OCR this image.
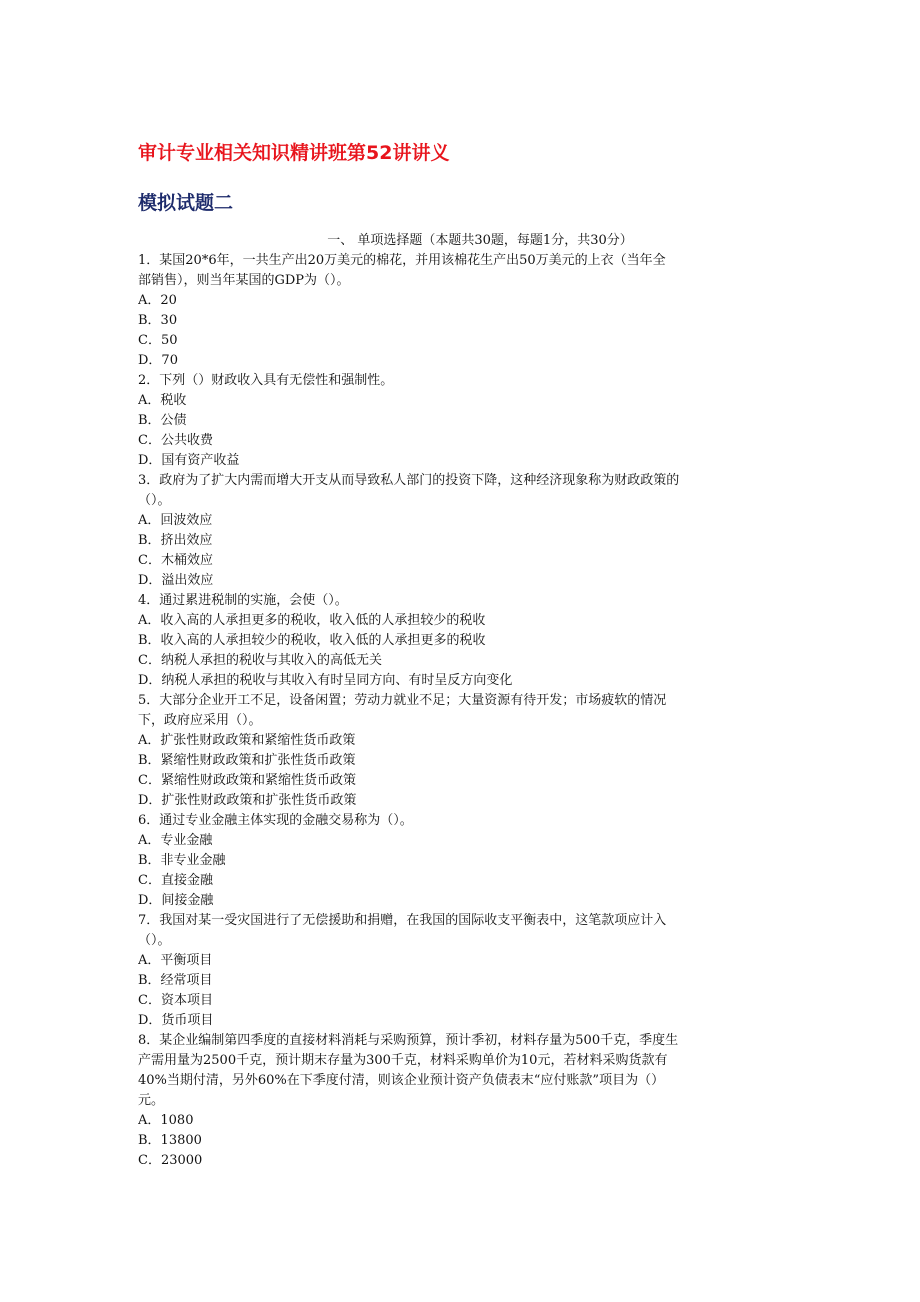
审计专业相关知识精讲班第52讲讲义
模拟试题二
一、 单项选择题（本题共30题，每题1分，共30分）
1．某国20*6年，一共生产出20万美元的棉花，并用该棉花生产出50万美元的上衣（当年全
部销售），则当年某国的GDP为（）。
A．20
B．30
C．50
D．70
2．下列（）财政收入具有无偿性和强制性。
A．税收
B．公债
C．公共收费
D．国有资产收益
3．政府为了扩大内需而增大开支从而导致私人部门的投资下降，这种经济现象称为财政政策的
（）。
A．回波效应
B．挤出效应
C．木桶效应
D．溢出效应
4．通过累进税制的实施，会使（）。
A．收入高的人承担更多的税收，收入低的人承担较少的税收
B．收入高的人承担较少的税收，收入低的人承担更多的税收
C．纳税人承担的税收与其收入的高低无关
D．纳税人承担的税收与其收入有时呈同方向、有时呈反方向变化
5．大部分企业开工不足，设备闲置；劳动力就业不足；大量资源有待开发；市场疲软的情况
下，政府应采用（）。
A．扩张性财政政策和紧缩性货币政策
B．紧缩性财政政策和扩张性货币政策
C．紧缩性财政政策和紧缩性货币政策
D．扩张性财政政策和扩张性货币政策
6．通过专业金融主体实现的金融交易称为（）。
A．专业金融
B．非专业金融
C．直接金融
D．间接金融
7．我国对某一受灾国进行了无偿援助和捐赠，在我国的国际收支平衡表中，这笔款项应计入
（）。
A．平衡项目
B．经常项目
C．资本项目
D．货币项目
8．某企业编制第四季度的直接材料消耗与采购预算，预计季初，材料存量为500千克，季度生
产需用量为2500千克，预计期末存量为300千克，材料采购单价为10元，若材料采购货款有
40%当期付清，另外60%在下季度付清，则该企业预计资产负债表末“应付账款”项目为（）
元。
A．1080
B．13800
C．23000
